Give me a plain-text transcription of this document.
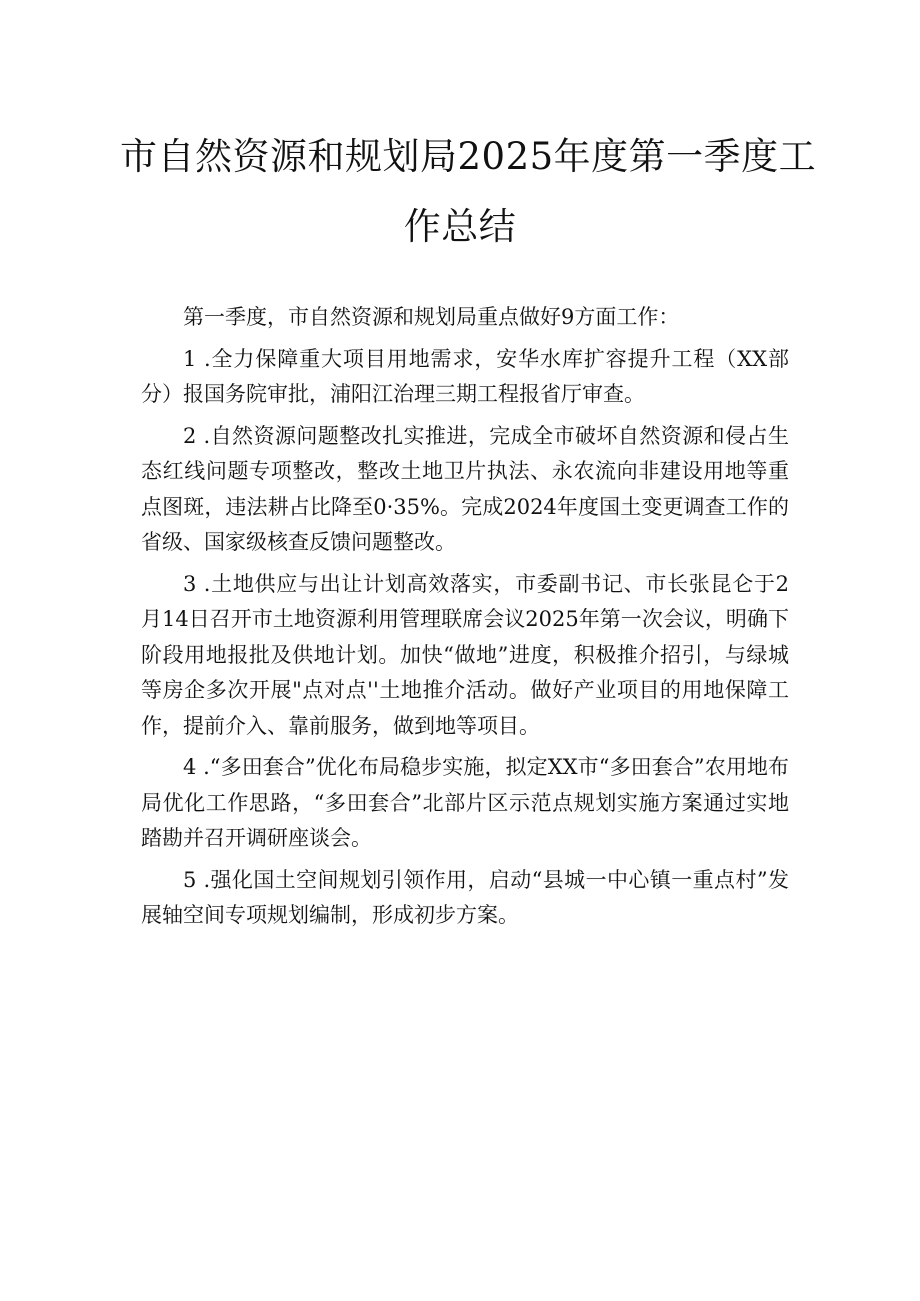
市自然资源和规划局2025年度第一季度工
作总结

第一季度，市自然资源和规划局重点做好9方面工作：

1 .全力保障重大项目用地需求，安华水库扩容提升工程（XX部分）报国务院审批，浦阳江治理三期工程报省厅审查。

2 .自然资源问题整改扎实推进，完成全市破坏自然资源和侵占生态红线问题专项整改，整改土地卫片执法、永农流向非建设用地等重点图斑，违法耕占比降至0·35%。完成2024年度国土变更调查工作的省级、国家级核查反馈问题整改。

3 .土地供应与出让计划高效落实，市委副书记、市长张昆仑于2月14日召开市土地资源利用管理联席会议2025年第一次会议，明确下阶段用地报批及供地计划。加快“做地”进度，积极推介招引，与绿城等房企多次开展"点对点''土地推介活动。做好产业项目的用地保障工作，提前介入、靠前服务，做到地等项目。

4 .“多田套合”优化布局稳步实施，拟定XX市“多田套合”农用地布局优化工作思路，“多田套合”北部片区示范点规划实施方案通过实地踏勘并召开调研座谈会。

5 .强化国土空间规划引领作用，启动“县城一中心镇一重点村”发展轴空间专项规划编制，形成初步方案。
